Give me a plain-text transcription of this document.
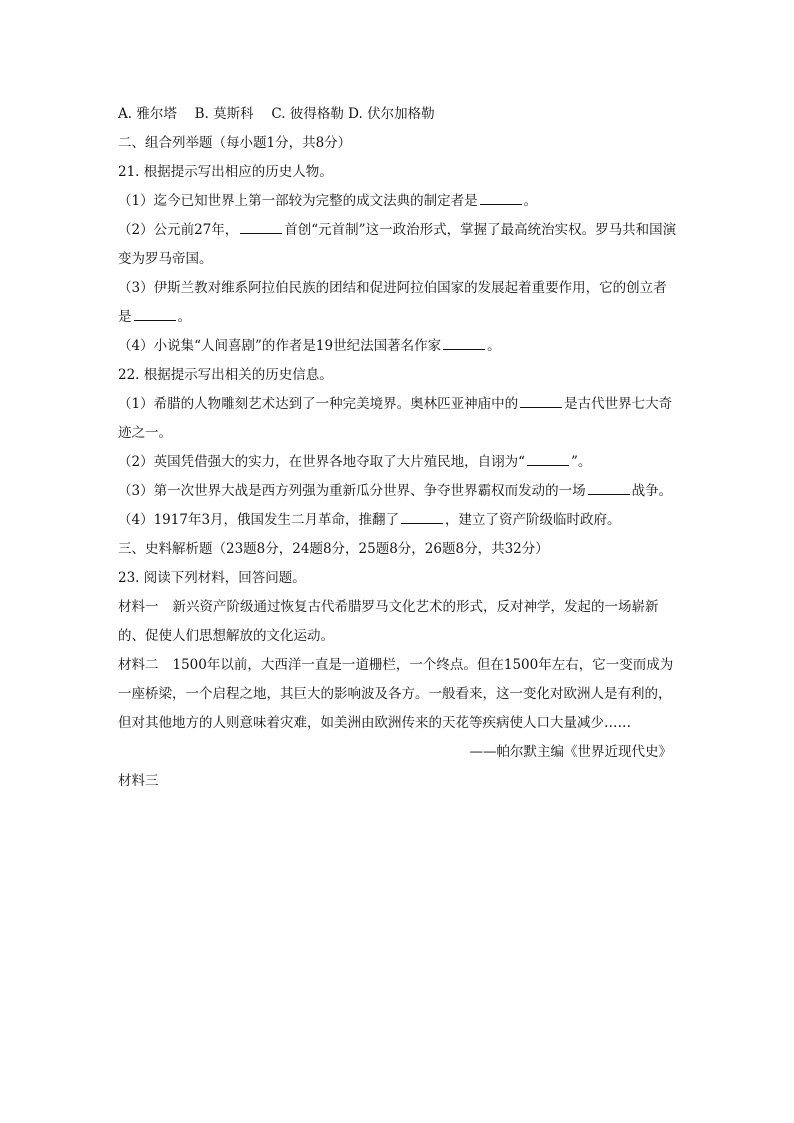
A. 雅尔塔　 B. 莫斯科　 C. 彼得格勒 D. 伏尔加格勒
二、组合列举题（每小题1分，共8分）
21. 根据提示写出相应的历史人物。
（1）迄今已知世界上第一部较为完整的成文法典的制定者是	。
（2）公元前27年，	首创“元首制”这一政治形式，掌握了最高统治实权。罗马共和国演变为罗马帝国。
（3）伊斯兰教对维系阿拉伯民族的团结和促进阿拉伯国家的发展起着重要作用，它的创立者是	。
（4）小说集“人间喜剧”的作者是19世纪法国著名作家	。
22. 根据提示写出相关的历史信息。
（1）希腊的人物雕刻艺术达到了一种完美境界。奥林匹亚神庙中的	是古代世界七大奇迹之一。
（2）英国凭借强大的实力，在世界各地夺取了大片殖民地，自诩为“	”。
（3）第一次世界大战是西方列强为重新瓜分世界、争夺世界霸权而发动的一场	战争。
（4）1917年3月，俄国发生二月革命，推翻了	，建立了资产阶级临时政府。
三、史料解析题（23题8分，24题8分，25题8分，26题8分，共32分）
23. 阅读下列材料，回答问题。
材料一 新兴资产阶级通过恢复古代希腊罗马文化艺术的形式，反对神学，发起的一场崭新的、促使人们思想解放的文化运动。
材料二 1500年以前，大西洋一直是一道栅栏，一个终点。但在1500年左右，它一变而成为一座桥梁，一个启程之地，其巨大的影响波及各方。一般看来，这一变化对欧洲人是有利的，但对其他地方的人则意味着灾难，如美洲由欧洲传来的天花等疾病使人口大量减少……
——帕尔默主编《世界近现代史》
材料三
